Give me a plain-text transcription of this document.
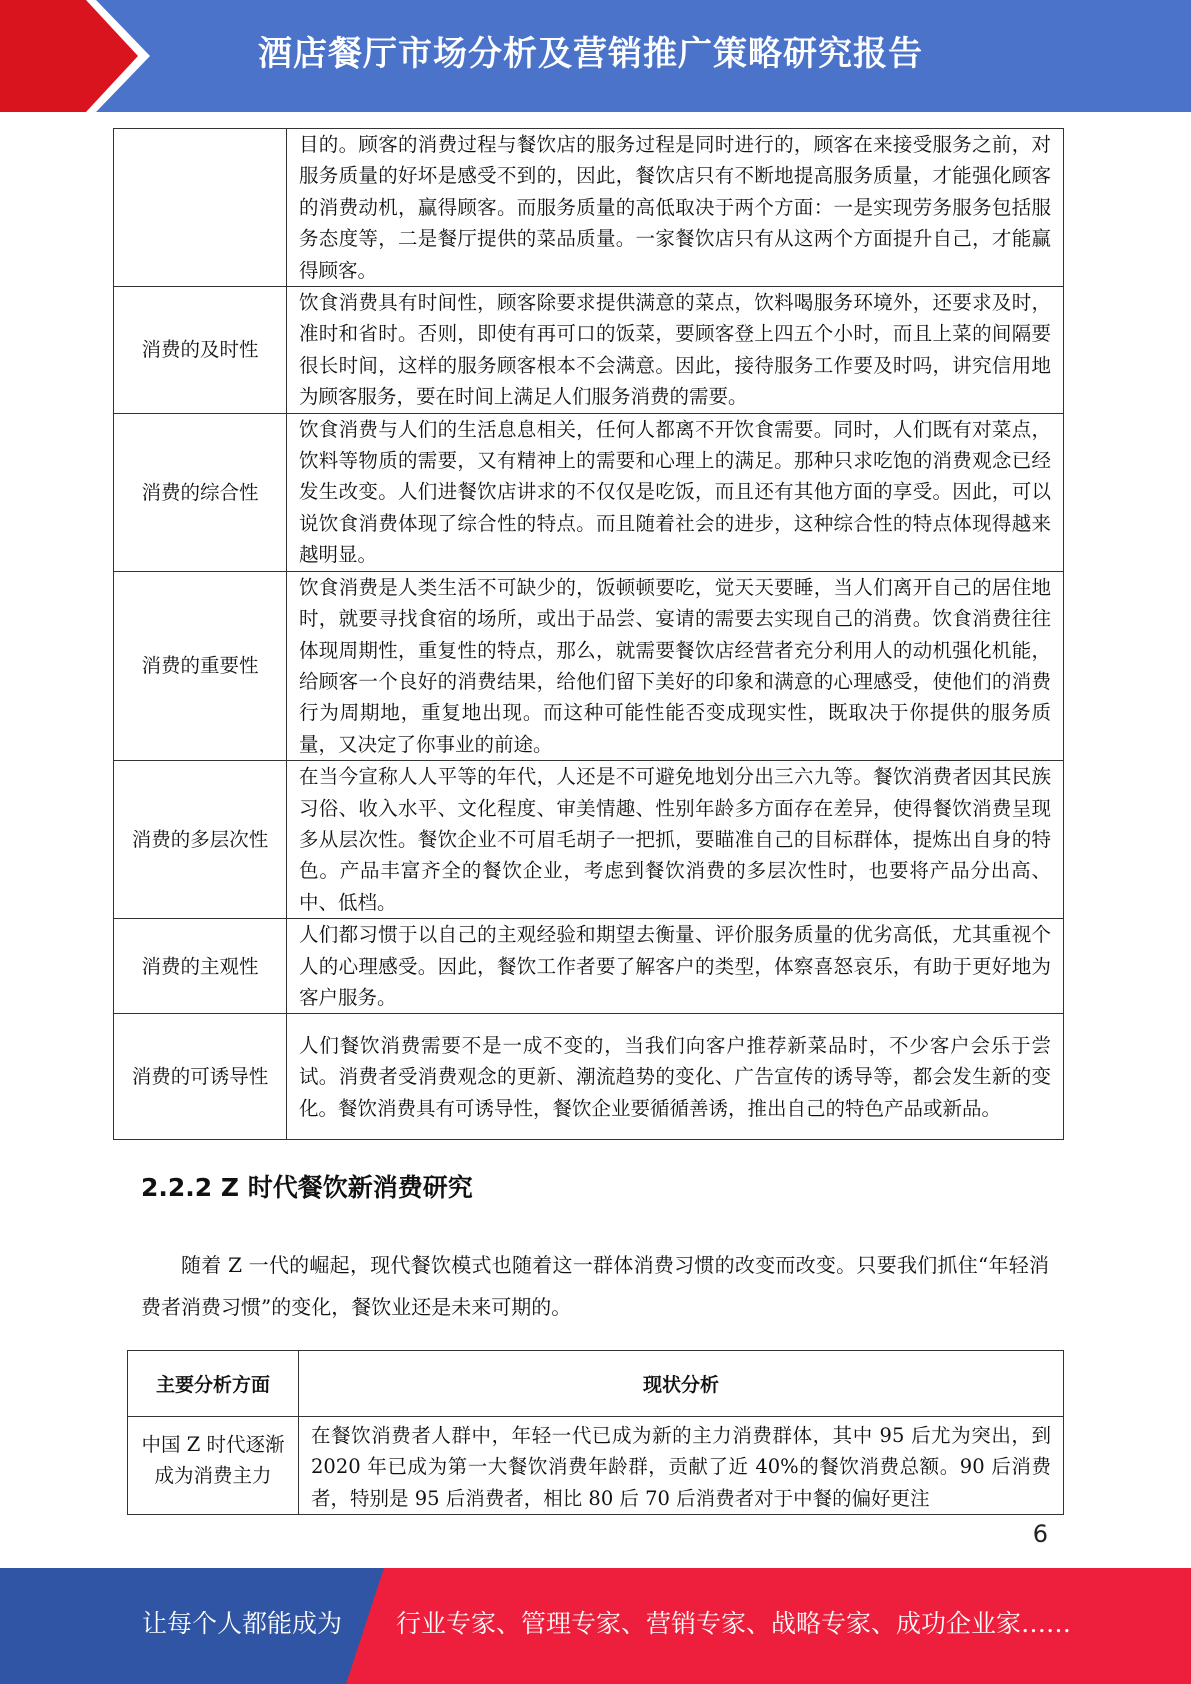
酒店餐厅市场分析及营销推广策略研究报告
	目的。顾客的消费过程与餐饮店的服务过程是同时进行的，顾客在来接受服务之前，对服务质量的好坏是感受不到的，因此，餐饮店只有不断地提高服务质量，才能强化顾客的消费动机，赢得顾客。而服务质量的高低取决于两个方面：一是实现劳务服务包括服务态度等，二是餐厅提供的菜品质量。一家餐饮店只有从这两个方面提升自己，才能赢得顾客。
消费的及时性	饮食消费具有时间性，顾客除要求提供满意的菜点，饮料喝服务环境外，还要求及时，准时和省时。否则，即使有再可口的饭菜，要顾客登上四五个小时，而且上菜的间隔要很长时间，这样的服务顾客根本不会满意。因此，接待服务工作要及时吗，讲究信用地为顾客服务，要在时间上满足人们服务消费的需要。
消费的综合性	饮食消费与人们的生活息息相关，任何人都离不开饮食需要。同时，人们既有对菜点，饮料等物质的需要，又有精神上的需要和心理上的满足。那种只求吃饱的消费观念已经发生改变。人们进餐饮店讲求的不仅仅是吃饭，而且还有其他方面的享受。因此，可以说饮食消费体现了综合性的特点。而且随着社会的进步，这种综合性的特点体现得越来越明显。
消费的重要性	饮食消费是人类生活不可缺少的，饭顿顿要吃，觉天天要睡，当人们离开自己的居住地时，就要寻找食宿的场所，或出于品尝、宴请的需要去实现自己的消费。饮食消费往往体现周期性，重复性的特点，那么，就需要餐饮店经营者充分利用人的动机强化机能，给顾客一个良好的消费结果，给他们留下美好的印象和满意的心理感受，使他们的消费行为周期地，重复地出现。而这种可能性能否变成现实性，既取决于你提供的服务质量，又决定了你事业的前途。
消费的多层次性	在当今宣称人人平等的年代，人还是不可避免地划分出三六九等。餐饮消费者因其民族习俗、收入水平、文化程度、审美情趣、性别年龄多方面存在差异，使得餐饮消费呈现多从层次性。餐饮企业不可眉毛胡子一把抓，要瞄准自己的目标群体，提炼出自身的特色。产品丰富齐全的餐饮企业，考虑到餐饮消费的多层次性时，也要将产品分出高、中、低档。
消费的主观性	人们都习惯于以自己的主观经验和期望去衡量、评价服务质量的优劣高低，尤其重视个人的心理感受。因此，餐饮工作者要了解客户的类型，体察喜怒哀乐，有助于更好地为客户服务。
消费的可诱导性	人们餐饮消费需要不是一成不变的，当我们向客户推荐新菜品时，不少客户会乐于尝试。消费者受消费观念的更新、潮流趋势的变化、广告宣传的诱导等，都会发生新的变化。餐饮消费具有可诱导性，餐饮企业要循循善诱，推出自己的特色产品或新品。
2.2.2 Z 时代餐饮新消费研究

随着 Z 一代的崛起，现代餐饮模式也随着这一群体消费习惯的改变而改变。只要我们抓住“年轻消费者消费习惯”的变化，餐饮业还是未来可期的。

主要分析方面	现状分析
中国 Z 时代逐渐成为消费主力	在餐饮消费者人群中，年轻一代已成为新的主力消费群体，其中 95 后尤为突出，到 2020 年已成为第一大餐饮消费年龄群，贡献了近 40%的餐饮消费总额。90 后消费者，特别是 95 后消费者，相比 80 后 70 后消费者对于中餐的偏好更注
6
让每个人都能成为 行业专家、管理专家、营销专家、战略专家、成功企业家……
